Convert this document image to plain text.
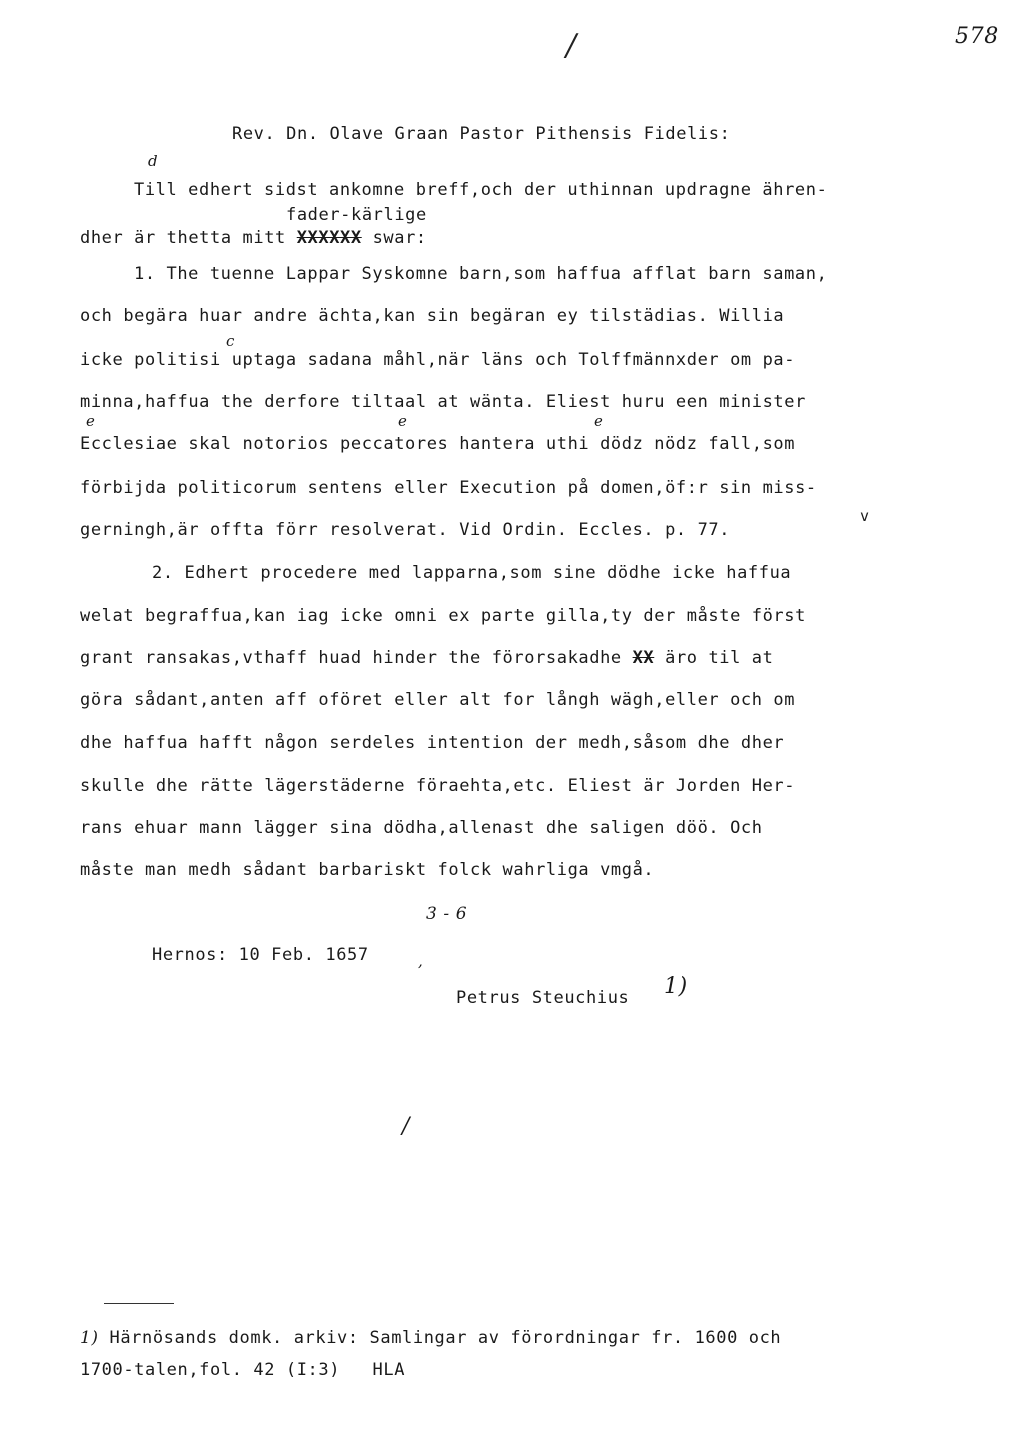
/	578
Rev. Dn. Olave Graan Pastor Pithensis Fidelis:
d
Till edhert sidst ankomne breff,och der uthinnan updragne ähren-
fader-kärlige
dher är thetta mitt XXXXXX swar:
1. The tuenne Lappar Syskomne barn,som haffua afflat barn saman,
och begära huar andre ächta,kan sin begäran ey tilstädias. Willia
c
icke politisi uptaga sadana måhl,när läns och Tolffmännxder om pa-
minna,haffua the derfore tiltaal at wänta. Eliest huru een minister
e	e	e
Ecclesiae skal notorios peccatores hantera uthi dödz nödz fall,som
förbijda politicorum sentens eller Execution på domen,öf:r sin miss-
v
gerningh,är offta förr resolverat. Vid Ordin. Eccles. p. 77.
2. Edhert procedere med lapparna,som sine dödhe icke haffua
welat begraffua,kan iag icke omni ex parte gilla,ty der måste först
grant ransakas,vthaff huad hinder the förorsakadhe XX äro til at
göra sådant,anten aff oföret eller alt for långh wägh,eller och om
dhe haffua hafft någon serdeles intention der medh,såsom dhe dher
skulle dhe rätte lägerstäderne föraehta,etc. Eliest är Jorden Her-
rans ehuar mann lägger sina dödha,allenast dhe saligen döö. Och
måste man medh sådant barbariskt folck wahrliga vmgå.
3 - 6
Hernos: 10 Feb. 1657	,
Petrus Steuchius 1)
/
1) Härnösands domk. arkiv: Samlingar av förordningar fr. 1600 och
1700-talen,fol. 42 (I:3)   HLA
